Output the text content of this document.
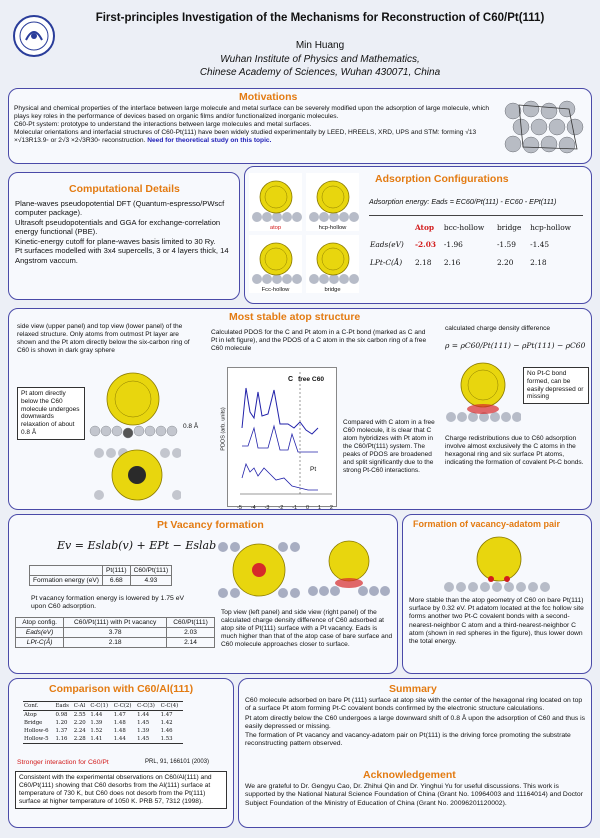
First-principles Investigation of the Mechanisms for Reconstruction of C60/Pt(111)
Min Huang
Wuhan Institute of Physics and Mathematics,
Chinese Academy of Sciences, Wuhan 430071, China
Motivations
Physical and chemical properties of the interface between large molecule and metal surface can be severely modified upon the adsorption of large molecule, which plays key roles in the performance of devices based on organic films and/or functionalized inorganic molecules.
C60-Pt system: prototype to understand the interactions between large molecules and metal surfaces.
Molecular orientations and interfacial structures of C60-Pt(111) have been widely studied experimentally by LEED, HREELS, XRD, UPS and STM: forming √13 ×√13R13.9◦ or 2√3 ×2√3R30◦ reconstruction. Need for theoretical study on this topic.
Computational Details
Plane-waves pseudopotential DFT (Quantum-espresso/PWscf computer package).
Ultrasoft pseudopotentials and GGA for exchange-correlation energy functional (PBE).
Kinetic-energy cutoff for plane-waves basis limited to 30 Ry.
Pt surfaces modelled with 3x4 supercells, 3 or 4 layers thick, 14 Angstrom vaccum.
atop	hcp-hollow
Fcc-hollow	bridge
Adsorption Configurations
Adsorption energy: Eads = EC60/Pt(111) - EC60 - EPt(111)
	Atop	bcc-hollow	bridge	hcp-hollow
Eads(eV)	-2.03	-1.96	-1.59	-1.45
LPt-C(Å)	2.18	2.16	2.20	2.18
Most stable atop structure
side view (upper panel) and top view (lower panel) of the relaxed structure. Only atoms from outmost Pt layer are shown and the Pt atom directly below the six-carbon ring of C60 is shown in dark gray sphere
0.8 Å
Pt atom directly below the C60 molecule undergoes downwards relaxation of about 0.8 Å
Calculated PDOS for the C and Pt atom in a C-Pt bond (marked as C and Pt in left figure), and the PDOS of a C atom in the six carbon ring of a free C60 molecule
C free C60
Pt
PDOS (arb. units)
-5 -4 -3 -2 -1 0 1 2
Compared with C atom in a free C60 molecule, it is clear that C atom hybridizes with Pt atom in the C60/Pt(111) system. The peaks of PDOS are broadened and split significantly due to the strong Pt-C60 interactions.
calculated charge density difference
ρ = ρC60/Pt(111) − ρPt(111) − ρC60
No Pt-C bond formed, can be easily depressed or missing
Charge redistributions due to C60 adsorption involve almost exclusively the C atoms in the hexagonal ring and six surface Pt atoms, indicating the formation of covalent Pt-C bonds.
Pt Vacancy formation
Ev = Eslab(v) + EPt − Eslab
	Pt(111)	C60/Pt(111)
Formation energy (eV)	6.68	4.93
Pt vacancy formation energy is lowered by 1.75 eV upon C60 adsorption.
Atop config.	C60/Pt(111) with Pt vacancy	C60/Pt(111)
Eads(eV)	3.78	2.03
LPt-C(Å)	2.18	2.14
Top view (left panel) and side view (right panel) of the calculated charge density difference of C60 adsorbed at atop site of Pt(111) surface with a Pt vacancy. Eads is much higher than that of the atop case of bare surface and C60 molecule approaches closer to surface.
Formation of vacancy-adatom pair
More stable than the atop geometry of C60 on bare Pt(111) surface by 0.32 eV. Pt adatom located at the fcc hollow site forms another two Pt-C covalent bonds with a second-nearest-neighbor C atom and a third-nearest-neighbor C atom (shown in red spheres in the figure), thus lower down the total energy.
Comparison with C60/Al(111)
Conf.	Eads	C-Al	C-C(1)	C-C(2)	C-C(3)	C-C(4)
Atop	0.98	2.55	1.44	1.47	1.44	1.47
Bridge	1.20	2.20	1.39	1.48	1.45	1.42
Hollow-6	1.37	2.24	1.52	1.48	1.39	1.46
Hollow-5	1.16	2.28	1.41	1.44	1.45	1.53
Stronger interaction for C60/Pt	PRL, 91, 166101 (2003)
Consistent with the experimental observations on C60/Al(111) and C60/Pt(111) showing that C60 desorbs from the Al(111) surface at temperature of 730 K, but C60 does not desorb from the Pt(111) surface at higher temperature of 1050 K. PRB 57, 7312 (1998).
Summary
C60 molecule adsorbed on bare Pt (111) surface at atop site with the center of the hexagonal ring located on top of a surface Pt atom forming Pt-C covalent bonds confirmed by the electronic structure calculations.
Pt atom directly below the C60 undergoes a large downward shift of 0.8 Å upon the adsorption of C60 and thus is easily depressed or missing.
The formation of Pt vacancy and vacancy-adatom pair on Pt(111) is the driving force promoting the substrate reconstructing pattern observed.
Acknowledgement
We are grateful to Dr. Gengyu Cao, Dr. Zhihui Qin and Dr. Yinghui Yu for useful discussions. This work is supported by the National Natural Science Foundation of China (Grant No. 10964003 and 11164014) and Doctor Subject Foundation of the Ministry of Education of China (Grant No. 20096201120002).
